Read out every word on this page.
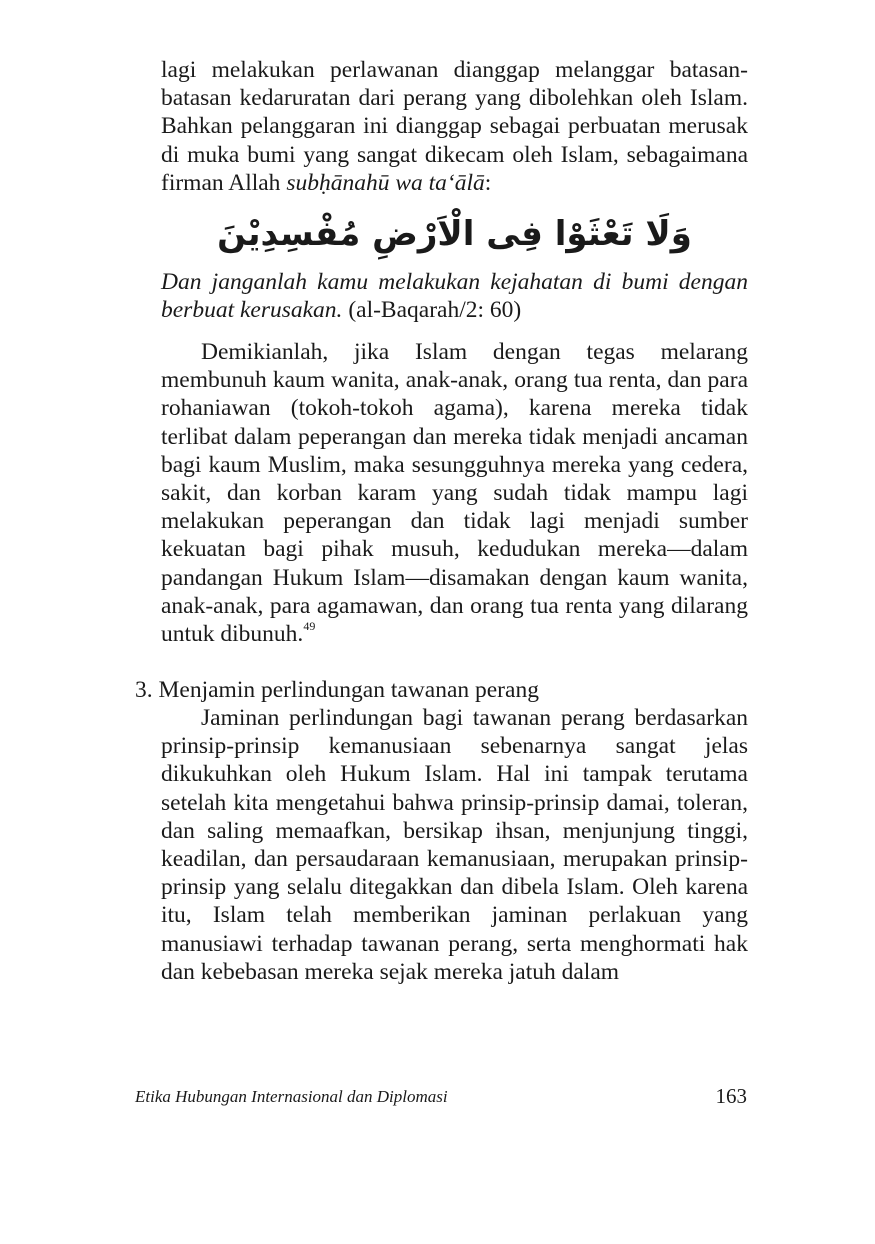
lagi melakukan perlawanan dianggap melanggar batasan-batasan kedaruratan dari perang yang dibolehkan oleh Islam. Bahkan pelanggaran ini dianggap sebagai perbuatan merusak di muka bumi yang sangat dikecam oleh Islam, sebagaimana firman Allah subḥānahū wa ta‘ālā:

وَلَا تَعْثَوْا فِى الْاَرْضِ مُفْسِدِيْنَ

Dan janganlah kamu melakukan kejahatan di bumi dengan berbuat kerusakan. (al-Baqarah/2: 60)

Demikianlah, jika Islam dengan tegas melarang membunuh kaum wanita, anak-anak, orang tua renta, dan para rohaniawan (tokoh-tokoh agama), karena mereka tidak terlibat dalam peperangan dan mereka tidak menjadi ancaman bagi kaum Muslim, maka sesungguhnya mereka yang cedera, sakit, dan korban karam yang sudah tidak mampu lagi melakukan peperangan dan tidak lagi menjadi sumber kekuatan bagi pihak musuh, kedudukan mereka—dalam pandangan Hukum Islam—disamakan dengan kaum wanita, anak-anak, para agamawan, dan orang tua renta yang dilarang untuk dibunuh.$^{49}$

3. Menjamin perlindungan tawanan perang

Jaminan perlindungan bagi tawanan perang berdasarkan prinsip-prinsip kemanusiaan sebenarnya sangat jelas dikukuhkan oleh Hukum Islam. Hal ini tampak terutama setelah kita mengetahui bahwa prinsip-prinsip damai, toleran, dan saling memaafkan, bersikap ihsan, menjunjung tinggi, keadilan, dan persaudaraan kemanusiaan, merupakan prinsip-prinsip yang selalu ditegakkan dan dibela Islam. Oleh karena itu, Islam telah memberikan jaminan perlakuan yang manusiawi terhadap tawanan perang, serta menghormati hak dan kebebasan mereka sejak mereka jatuh dalam

Etika Hubungan Internasional dan Diplomasi	163
